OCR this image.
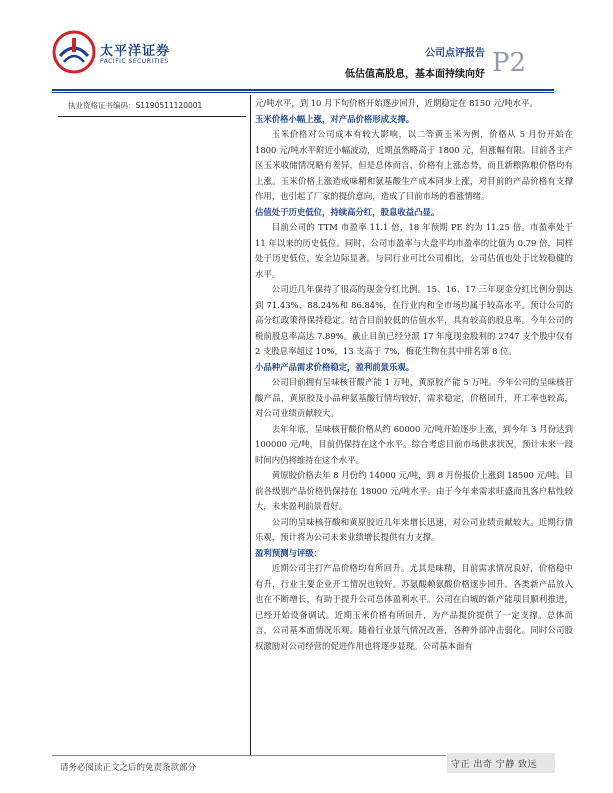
太平洋证券
PACIFIC SECURITIES
公司点评报告
低估值高股息，基本面持续向好 P2
执业资格证书编码：S1190511120001	元/吨水平，到 10 月下旬价格开始逐步回升，近期稳定在 8150 元/吨水平。

玉米价格小幅上涨，对产品价格形成支撑。

玉米价格对公司成本有较大影响，以二等黄玉米为例，价格从 5 月份开始在 1800 元/吨水平附近小幅波动，近期虽然略高于 1800 元，但涨幅有限。目前各主产区玉米收储情况略有差异，但是总体而言，价格有上涨态势，而且新粮陈粮价格均有上涨。玉米价格上涨造成味精和氨基酸生产成本同步上涨，对目前的产品价格有支撑作用，也引起了厂家的提价意向，造成了目前市场的看涨情绪。

估值处于历史低位，持续高分红，股息收益凸显。

目前公司的 TTM 市盈率 11.1 倍，18 年预期 PE 约为 11.25 倍。市盈率处于 11 年以来的历史低位。同时，公司市盈率与大盘平均市盈率的比值为 0.79 倍，同样处于历史低位，安全边际显著。与同行业可比公司相比，公司估值也处于比较稳健的水平。

公司近几年保持了很高的现金分红比例。15、16、17 三年现金分红比例分别达到 71.43%、88.24%和 86.84%，在行业内和全市场均属于较高水平。预计公司的高分红政策得保持稳定。结合目前较低的估值水平，具有较高的股息率。今年公司的税前股息率高达 7.89%。截止目前已经分派 17 年度现金股利的 2747 支个股中仅有 2 支股息率超过 10%，13 支高于 7%，梅花生物在其中排名第 8 位。

小品种产品需求价格稳定，盈利前景乐观。

公司目前拥有呈味核苷酸产能 1 万吨，黄原胶产能 5 万吨。今年公司的呈味核苷酸产品，黄原胶及小品种氨基酸行情均较好，需求稳定，价格回升，开工率也较高，对公司业绩贡献较大。

去年年底，呈味核苷酸价格从约 60000 元/吨开始逐步上涨，到今年 3 月份达到 100000 元/吨，目前仍保持在这个水平。综合考虑目前市场供求状况，预计未来一段时间内仍将维持在这个水平。

黄原胶价格去年 8 月份约 14000 元/吨，到 8 月份报价上涨到 18500 元/吨。目前各级别产品价格仍保持在 18000 元/吨水平。由于今年来需求旺盛而且客户粘性较大，未来盈利前景看好。

公司的呈味核苷酸和黄原胶近几年来增长迅速，对公司业绩贡献较大。近期行情乐观，预计将为公司未来业绩增长提供有力支撑。

盈利预测与评级：

近期公司主打产品价格均有所回升。尤其是味精，目前需求情况良好，价格稳中有升，行业主要企业开工情况也较好。苏氨酸赖氨酸价格逐步回升。各类新产品放入也在不断增长，有助于提升公司总体盈利水平。公司在白城的新产能项目顺利推进，已经开始设备调试。近期玉米价格有所回升，为产品提价提供了一定支撑。总体而言，公司基本面情况乐观。随着行业景气情况改善，各种外部冲击弱化。同时公司股权激励对公司经营的促进作用也将逐步显现。公司基本面有

请务必阅读正文之后的免责条款部分	守正 出奇 宁静 致远
